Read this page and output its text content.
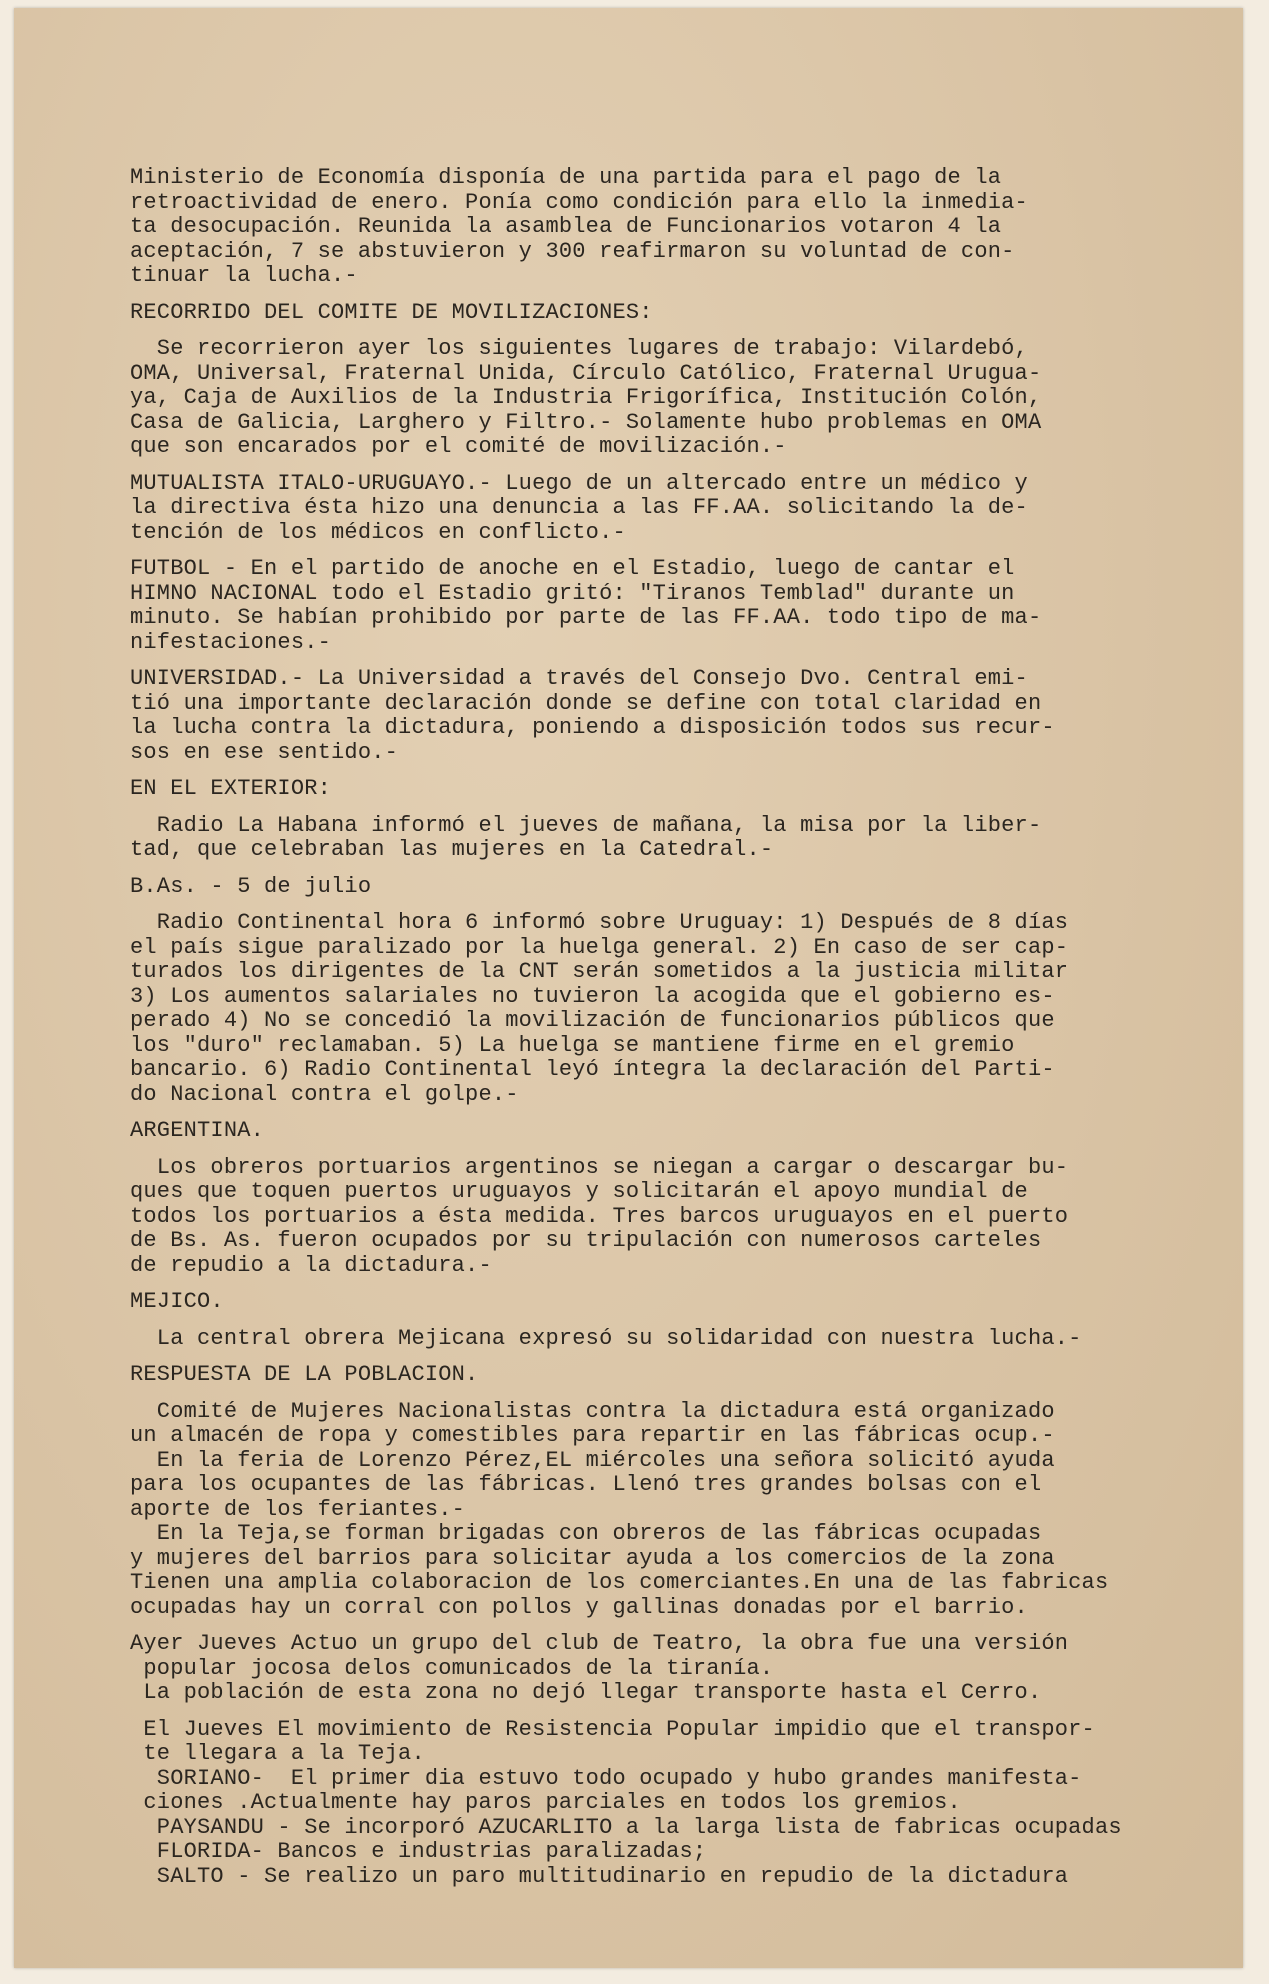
Ministerio de Economía disponía de una partida para el pago de la
retroactividad de enero. Ponía como condición para ello la inmedia-
ta desocupación. Reunida la asamblea de Funcionarios votaron 4 la
aceptación, 7 se abstuvieron y 300 reafirmaron su voluntad de con-
tinuar la lucha.-
RECORRIDO DEL COMITE DE MOVILIZACIONES:
Se recorrieron ayer los siguientes lugares de trabajo: Vilardebó,
OMA, Universal, Fraternal Unida, Círculo Católico, Fraternal Urugua-
ya, Caja de Auxilios de la Industria Frigorífica, Institución Colón,
Casa de Galicia, Larghero y Filtro.- Solamente hubo problemas en OMA
que son encarados por el comité de movilización.-
MUTUALISTA ITALO-URUGUAYO.- Luego de un altercado entre un médico y
la directiva ésta hizo una denuncia a las FF.AA. solicitando la de-
tención de los médicos en conflicto.-
FUTBOL - En el partido de anoche en el Estadio, luego de cantar el
HIMNO NACIONAL todo el Estadio gritó: "Tiranos Temblad" durante un
minuto. Se habían prohibido por parte de las FF.AA. todo tipo de ma-
nifestaciones.-
UNIVERSIDAD.- La Universidad a través del Consejo Dvo. Central emi-
tió una importante declaración donde se define con total claridad en
la lucha contra la dictadura, poniendo a disposición todos sus recur-
sos en ese sentido.-
EN EL EXTERIOR:
Radio La Habana informó el jueves de mañana, la misa por la liber-
tad, que celebraban las mujeres en la Catedral.-
B.As. - 5 de julio
Radio Continental hora 6 informó sobre Uruguay: 1) Después de 8 días
el país sigue paralizado por la huelga general. 2) En caso de ser cap-
turados los dirigentes de la CNT serán sometidos a la justicia militar
3) Los aumentos salariales no tuvieron la acogida que el gobierno es-
perado 4) No se concedió la movilización de funcionarios públicos que
los "duro" reclamaban. 5) La huelga se mantiene firme en el gremio
bancario. 6) Radio Continental leyó íntegra la declaración del Parti-
do Nacional contra el golpe.-
ARGENTINA.
Los obreros portuarios argentinos se niegan a cargar o descargar bu-
ques que toquen puertos uruguayos y solicitarán el apoyo mundial de
todos los portuarios a ésta medida. Tres barcos uruguayos en el puerto
de Bs. As. fueron ocupados por su tripulación con numerosos carteles
de repudio a la dictadura.-
MEJICO.
La central obrera Mejicana expresó su solidaridad con nuestra lucha.-
RESPUESTA DE LA POBLACION.
Comité de Mujeres Nacionalistas contra la dictadura está organizado
un almacén de ropa y comestibles para repartir en las fábricas ocup.-
En la feria de Lorenzo Pérez,EL miércoles una señora solicitó ayuda
para los ocupantes de las fábricas. Llenó tres grandes bolsas con el
aporte de los feriantes.-
En la Teja,se forman brigadas con obreros de las fábricas ocupadas
y mujeres del barrios para solicitar ayuda a los comercios de la zona
Tienen una amplia colaboracion de los comerciantes.En una de las fabricas
ocupadas hay un corral con pollos y gallinas donadas por el barrio.
Ayer Jueves Actuo un grupo del club de Teatro, la obra fue una versión
popular jocosa delos comunicados de la tiranía.
La población de esta zona no dejó llegar transporte hasta el Cerro.
El Jueves El movimiento de Resistencia Popular impidio que el transpor-
te llegara a la Teja.
SORIANO-  El primer dia estuvo todo ocupado y hubo grandes manifesta-
ciones .Actualmente hay paros parciales en todos los gremios.
PAYSANDU - Se incorporó AZUCARLITO a la larga lista de fabricas ocupadas
FLORIDA- Bancos e industrias paralizadas;
SALTO - Se realizo un paro multitudinario en repudio de la dictadura
